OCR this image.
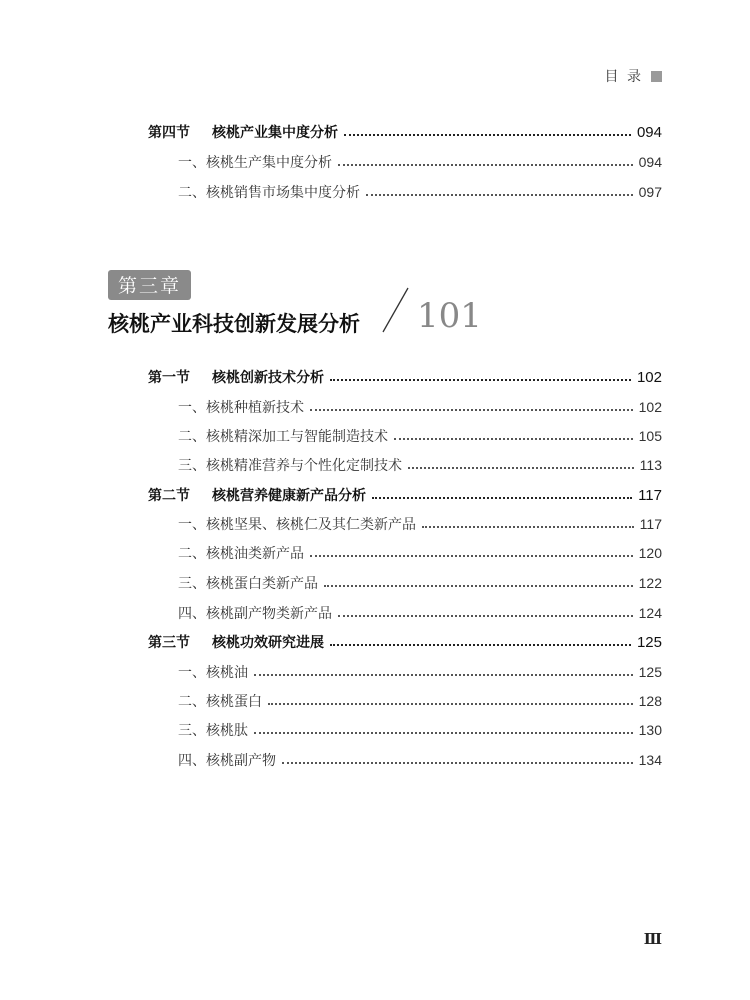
目 录
第四节 核桃产业集中度分析	094
一、核桃生产集中度分析	094
二、核桃销售市场集中度分析	097
第三章
核桃产业科技创新发展分析 101
第一节 核桃创新技术分析	102
一、核桃种植新技术	102
二、核桃精深加工与智能制造技术	105
三、核桃精准营养与个性化定制技术	113
第二节 核桃营养健康新产品分析	117
一、核桃坚果、核桃仁及其仁类新产品	117
二、核桃油类新产品	120
三、核桃蛋白类新产品	122
四、核桃副产物类新产品	124
第三节 核桃功效研究进展	125
一、核桃油	125
二、核桃蛋白	128
三、核桃肽	130
四、核桃副产物	134
Ⅲ
